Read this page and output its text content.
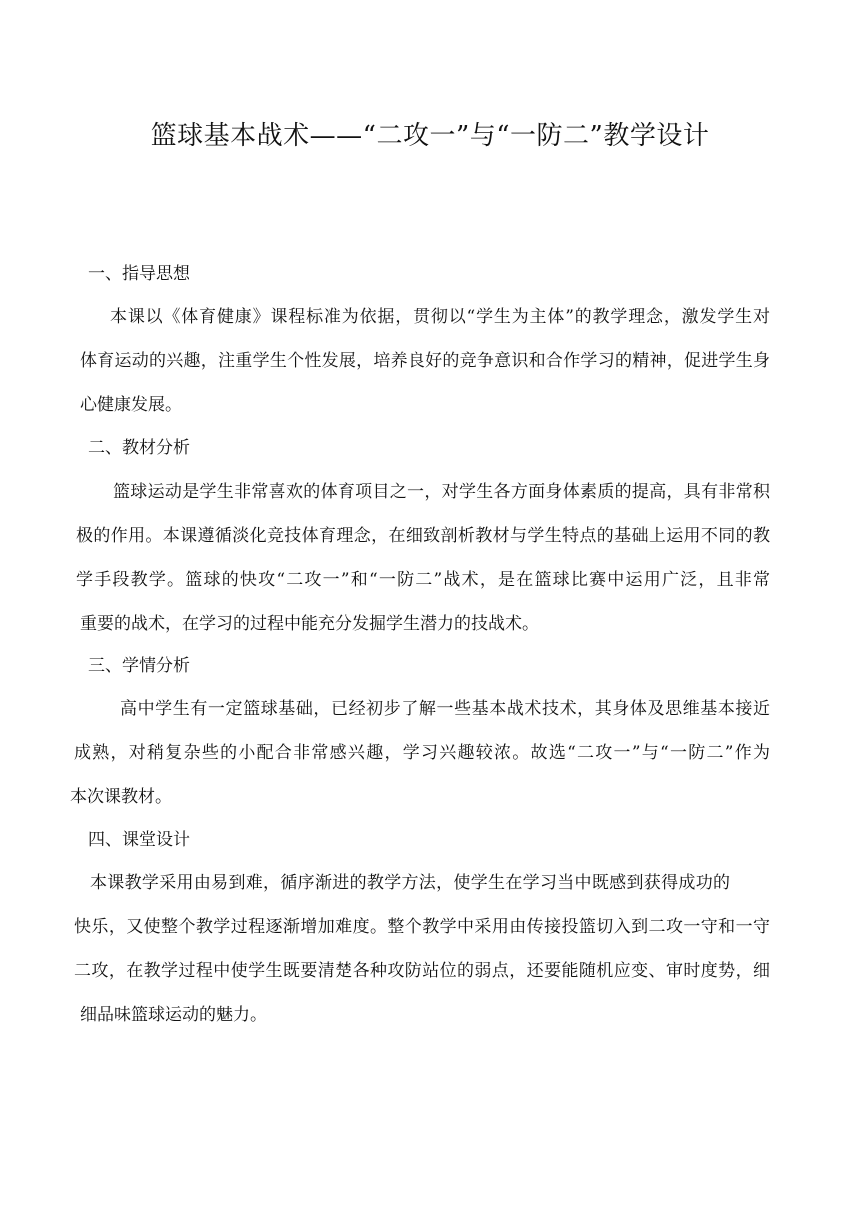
篮球基本战术——“二攻一”与“一防二”教学设计
一、指导思想
本课以《体育健康》课程标准为依据，贯彻以“学生为主体”的教学理念，激发学生对
体育运动的兴趣，注重学生个性发展，培养良好的竞争意识和合作学习的精神，促进学生身
心健康发展。
二、教材分析
篮球运动是学生非常喜欢的体育项目之一，对学生各方面身体素质的提高，具有非常积
极的作用。本课遵循淡化竞技体育理念，在细致剖析教材与学生特点的基础上运用不同的教
学手段教学。篮球的快攻“二攻一”和“一防二”战术，是在篮球比赛中运用广泛，且非常
重要的战术，在学习的过程中能充分发掘学生潜力的技战术。
三、学情分析
高中学生有一定篮球基础，已经初步了解一些基本战术技术，其身体及思维基本接近
成熟，对稍复杂些的小配合非常感兴趣，学习兴趣较浓。故选“二攻一”与“一防二”作为
本次课教材。
四、课堂设计
本课教学采用由易到难，循序渐进的教学方法，使学生在学习当中既感到获得成功的
快乐，又使整个教学过程逐渐增加难度。整个教学中采用由传接投篮切入到二攻一守和一守
二攻，在教学过程中使学生既要清楚各种攻防站位的弱点，还要能随机应变、审时度势，细
细品味篮球运动的魅力。
